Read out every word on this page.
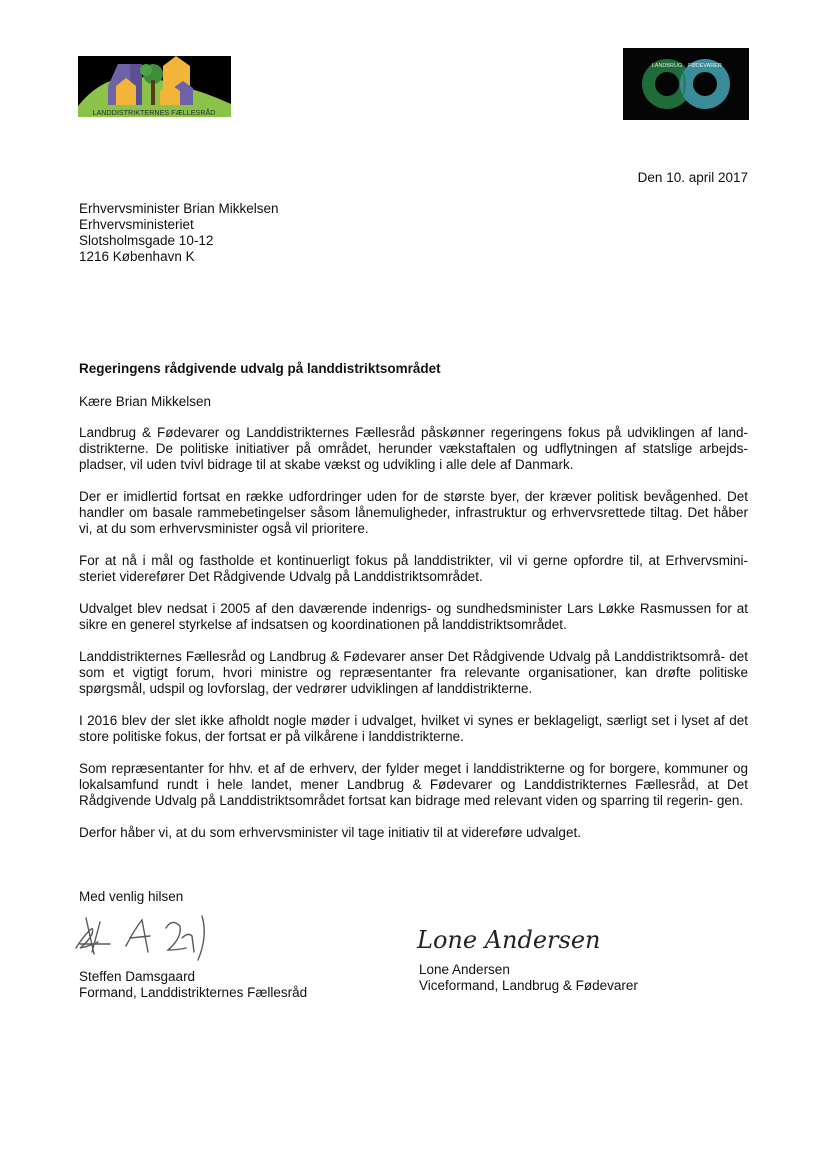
LANDDISTRIKTERNES FÆLLESRÅD
LANDBRUG FØDEVARER
Den 10. april 2017
Erhvervsminister Brian Mikkelsen
Erhvervsministeriet
Slotsholmsgade 10-12
1216 København K
Regeringens rådgivende udvalg på landdistriktsområdet
Kære Brian Mikkelsen

Landbrug & Fødevarer og Landdistrikternes Fællesråd påskønner regeringens fokus på udviklingen af land- distrikterne. De politiske initiativer på området, herunder vækstaftalen og udflytningen af statslige arbejds- pladser, vil uden tvivl bidrage til at skabe vækst og udvikling i alle dele af Danmark.

Der er imidlertid fortsat en række udfordringer uden for de største byer, der kræver politisk bevågenhed. Det handler om basale rammebetingelser såsom lånemuligheder, infrastruktur og erhvervsrettede tiltag. Det håber vi, at du som erhvervsminister også vil prioritere.

For at nå i mål og fastholde et kontinuerligt fokus på landdistrikter, vil vi gerne opfordre til, at Erhvervsmini- steriet viderefører Det Rådgivende Udvalg på Landdistriktsområdet.

Udvalget blev nedsat i 2005 af den daværende indenrigs- og sundhedsminister Lars Løkke Rasmussen for at sikre en generel styrkelse af indsatsen og koordinationen på landdistriktsområdet.

Landdistrikternes Fællesråd og Landbrug & Fødevarer anser Det Rådgivende Udvalg på Landdistriktsområ- det som et vigtigt forum, hvori ministre og repræsentanter fra relevante organisationer, kan drøfte politiske spørgsmål, udspil og lovforslag, der vedrører udviklingen af landdistrikterne.

I 2016 blev der slet ikke afholdt nogle møder i udvalget, hvilket vi synes er beklageligt, særligt set i lyset af det store politiske fokus, der fortsat er på vilkårene i landdistrikterne.

Som repræsentanter for hhv. et af de erhverv, der fylder meget i landdistrikterne og for borgere, kommuner og lokalsamfund rundt i hele landet, mener Landbrug & Fødevarer og Landdistrikternes Fællesråd, at Det Rådgivende Udvalg på Landdistriktsområdet fortsat kan bidrage med relevant viden og sparring til regerin- gen.

Derfor håber vi, at du som erhvervsminister vil tage initiativ til at videreføre udvalget.

Med venlig hilsen
Lone Andersen
Steffen Damsgaard
Formand, Landdistrikternes Fællesråd
Lone Andersen
Viceformand, Landbrug & Fødevarer
